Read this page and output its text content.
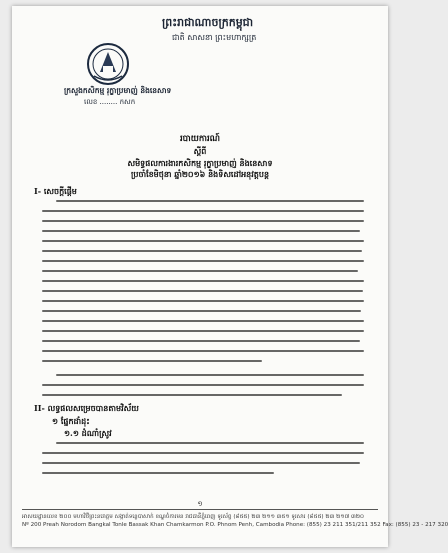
ព្រះរាជាណាចក្រកម្ពុជា
ជាតិ សាសនា ព្រះមហាក្សត្រ
ក្រសួងកសិកម្ម រុក្ខាប្រមាញ់ និងនេសាទ
លេខ ........ កសក
របាយការណ៍
ស្តីពី
សមិទ្ធផលការងារកសិកម្ម រុក្ខាប្រមាញ់ និងនេសាទ
ប្រចាំខែមិថុនា ឆ្នាំ២០១៦ និងទិសដៅអនុវត្តបន្ត
I- សេចក្តីផ្តើម
II- លទ្ធផលសម្រេចបានតាមវិស័យ
១ ផ្នែកដាំដុះ
១.១ ដំណាំស្រូវ
១
អាសយដ្ឋានលេខ ២០០ មហាវិថីព្រះនរោត្តម សង្កាត់ទន្លេបាសាក់ ខណ្ឌចំការមន រាជធានីភ្នំពេញ ទូរស័ព្ទ (៨៥៥) ២៣ ២១១ ៣៥១ ទូរសារ (៨៥៥) ២៣ ២១៧ ៣២០
Nº 200 Preah Norodom Bangkal Tonle Bassak Khan Chamkarmon P.O. Phnom Penh, Cambodia Phone: (855) 23 211 351/211 352 Fax: (855) 23 - 217 320
